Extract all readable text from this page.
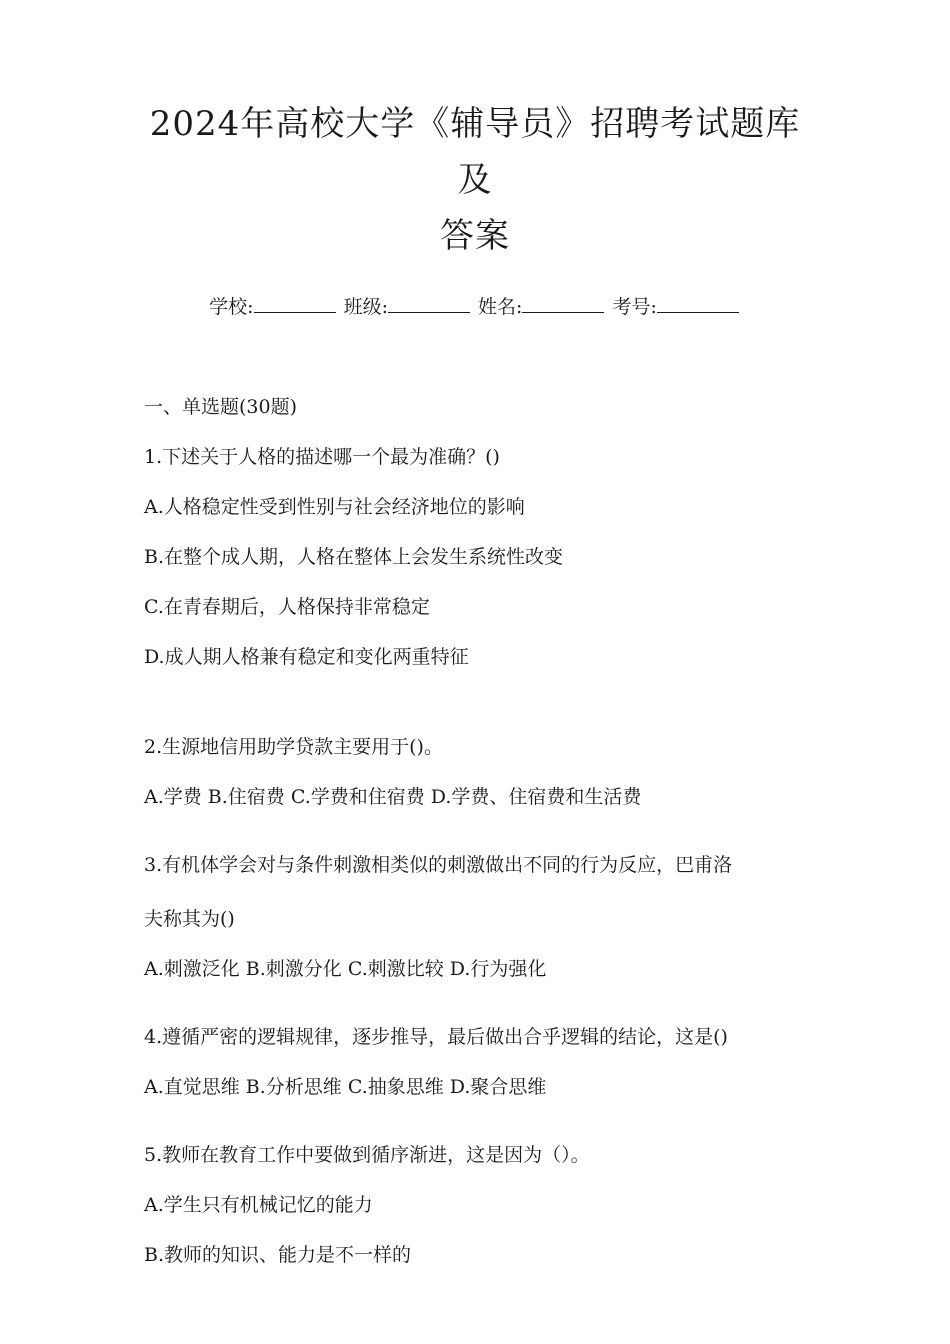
2024年高校大学《辅导员》招聘考试题库及
答案
学校:	班级:	姓名:	考号:
一、单选题(30题)
1.下述关于人格的描述哪一个最为准确？()
A.人格稳定性受到性别与社会经济地位的影响
B.在整个成人期，人格在整体上会发生系统性改变
C.在青春期后，人格保持非常稳定
D.成人期人格兼有稳定和变化两重特征
2.生源地信用助学贷款主要用于()。
A.学费 B.住宿费 C.学费和住宿费 D.学费、住宿费和生活费
3.有机体学会对与条件刺激相类似的刺激做出不同的行为反应，巴甫洛
夫称其为()
A.刺激泛化 B.刺激分化 C.刺激比较 D.行为强化
4.遵循严密的逻辑规律，逐步推导，最后做出合乎逻辑的结论，这是()
A.直觉思维 B.分析思维 C.抽象思维 D.聚合思维
5.教师在教育工作中要做到循序渐进，这是因为（）。
A.学生只有机械记忆的能力
B.教师的知识、能力是不一样的
